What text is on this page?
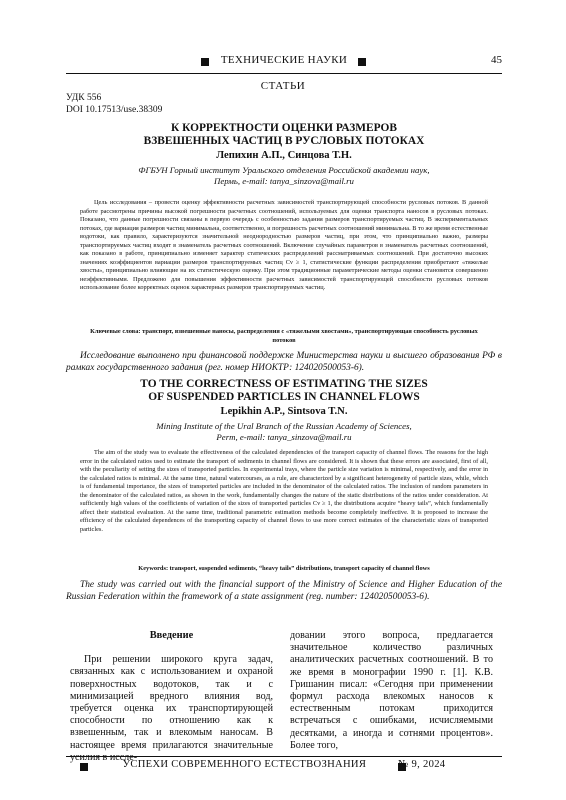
ТЕХНИЧЕСКИЕ НАУКИ	45
СТАТЬИ
УДК 556
DOI 10.17513/use.38309
К КОРРЕКТНОСТИ ОЦЕНКИ РАЗМЕРОВ
ВЗВЕШЕННЫХ ЧАСТИЦ В РУСЛОВЫХ ПОТОКАХ
Лепихин А.П., Синцова Т.Н.
ФГБУН Горный институт Уральского отделения Российской академии наук,
Пермь, e-mail: tanya_sinzova@mail.ru
Цель исследования – провести оценку эффективности расчетных зависимостей транспортирующей способности русловых потоков. В данной работе рассмотрены причины высокой погрешности расчетных соотношений, используемых для оценки транспорта наносов в русловых потоках. Показано, что данные погрешности связаны в первую очередь с особенностью задания размеров транспортируемых частиц. В экспериментальных потоках, где вариация размеров частиц минимальна, соответственно, и погрешность расчетных соотношений минимальна. В то же время естественные водотоки, как правило, характеризуются значительной неоднородностью размеров частиц, при этом, что принципиально важно, размеры транспортируемых частиц входят в знаменатель расчетных соотношений. Включение случайных параметров в знаменатель расчетных соотношений, как показано в работе, принципиально изменяет характер статических распределений рассматриваемых соотношений. При достаточно высоких значениях коэффициентов вариации размеров транспортируемых частиц Cv ≥ 1, статистические функции распределения приобретают «тяжелые хвосты», принципиально влияющие на их статистическую оценку. При этом традиционные параметрические методы оценки становятся совершенно неэффективными. Предложено для повышения эффективности расчетных зависимостей транспортирующей способности русловых потоков использование более корректных оценок характерных размеров транспортируемых частиц.
Ключевые слова: транспорт, взвешенные наносы, распределения с «тяжелыми хвостами», транспортирующая способность русловых потоков
Исследование выполнено при финансовой поддержке Министерства науки и высшего образования РФ в рамках государственного задания (рег. номер НИОКТР: 124020500053-6).
TO THE CORRECTNESS OF ESTIMATING THE SIZES
OF SUSPENDED PARTICLES IN CHANNEL FLOWS
Lepikhin A.P., Sintsova T.N.
Mining Institute of the Ural Branch of the Russian Academy of Sciences,
Perm, e-mail: tanya_sinzova@mail.ru
The aim of the study was to evaluate the effectiveness of the calculated dependencies of the transport capacity of channel flows. The reasons for the high error in the calculated ratios used to estimate the transport of sediments in channel flows are considered. It is shown that these errors are associated, first of all, with the peculiarity of setting the sizes of transported particles. In experimental trays, where the particle size variation is minimal, respectively, and the error in the calculated ratios is minimal. At the same time, natural watercourses, as a rule, are characterized by a significant heterogeneity of particle sizes, while, which is of fundamental importance, the sizes of transported particles are included in the denominator of the calculated ratios. The inclusion of random parameters in the denominator of the calculated ratios, as shown in the work, fundamentally changes the nature of the static distributions of the ratios under consideration. At sufficiently high values of the coefficients of variation of the sizes of transported particles Cv ≥ 1, the distributions acquire “heavy tails”, which fundamentally affect their statistical evaluation. At the same time, traditional parametric estimation methods become completely ineffective. It is proposed to increase the efficiency of the calculated dependences of the transporting capacity of channel flows to use more correct estimates of the characteristic sizes of transported particles.
Keywords: transport, suspended sediments, “heavy tails” distributions, transport capacity of channel flows
The study was carried out with the financial support of the Ministry of Science and Higher Education of the Russian Federation within the framework of a state assignment (reg. number: 124020500053-6).
Введение
При решении широкого круга задач, связанных как с использованием и охраной поверхностных водотоков, так и с минимизацией вредного влияния вод, требуется оценка их транспортирующей способности по отношению как к взвешенным, так и влекомым наносам. В настоящее время прилагаются значительные усилия в иссле-
довании этого вопроса, предлагается значительное количество различных аналитических расчетных соотношений. В то же время в монографии 1990 г. [1]. К.В. Гришанин писал: «Сегодня при применении формул расхода влекомых наносов к естественным потокам приходится встречаться с ошибками, исчисляемыми десятками, а иногда и сотнями процентов». Более того,
УСПЕХИ СОВРЕМЕННОГО ЕСТЕСТВОЗНАНИЯ	№ 9, 2024
